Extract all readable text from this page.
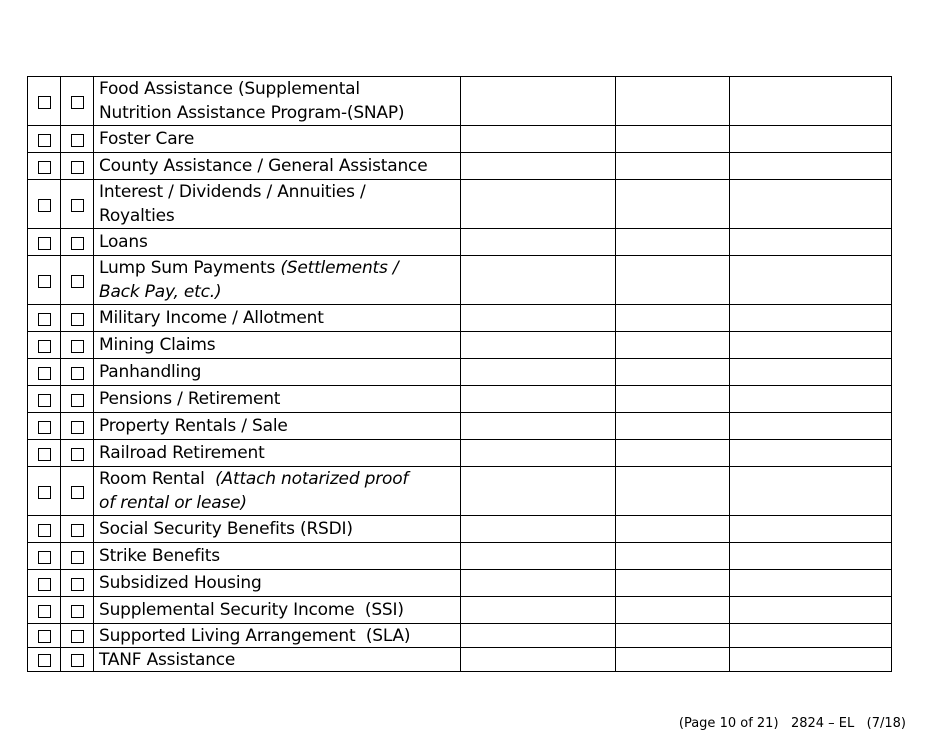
		Food Assistance (Supplemental
Nutrition Assistance Program-(SNAP)			
		Foster Care			
		County Assistance / General Assistance			
		Interest / Dividends / Annuities /
Royalties			
		Loans			
		Lump Sum Payments (Settlements /
Back Pay, etc.)			
		Military Income / Allotment			
		Mining Claims			
		Panhandling			
		Pensions / Retirement			
		Property Rentals / Sale			
		Railroad Retirement			
		Room Rental  (Attach notarized proof
of rental or lease)			
		Social Security Benefits (RSDI)			
		Strike Benefits			
		Subsidized Housing			
		Supplemental Security Income  (SSI)			
		Supported Living Arrangement  (SLA)			
		TANF Assistance			
(Page 10 of 21) 2824 – EL (7/18)
